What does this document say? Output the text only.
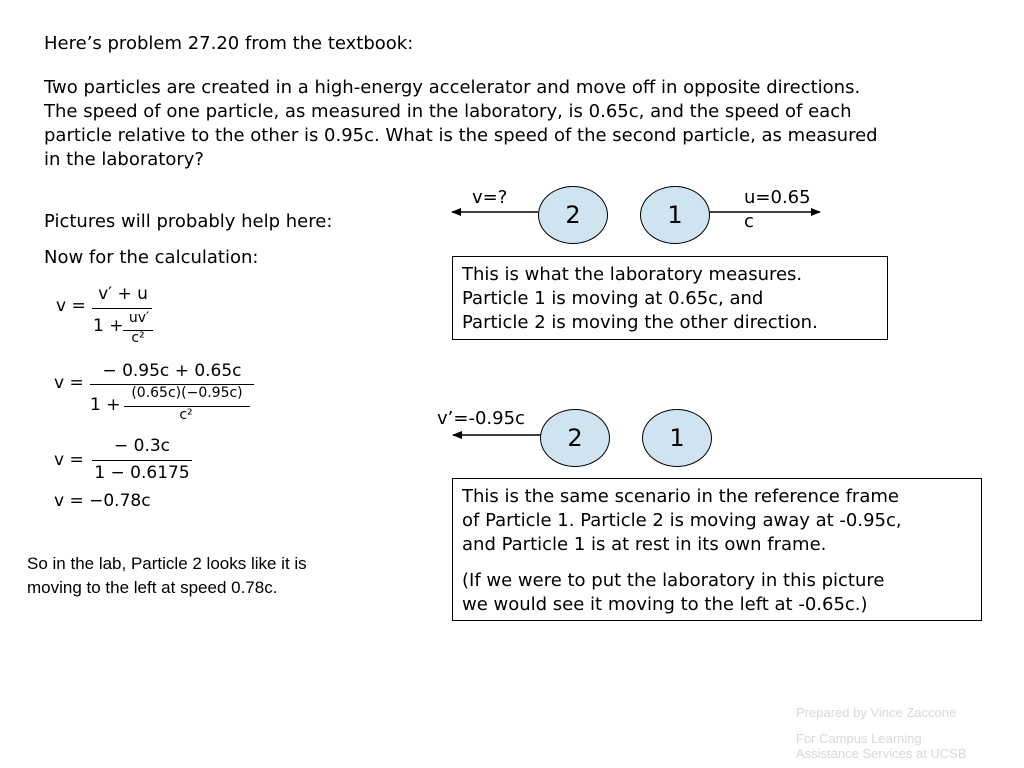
Here’s problem 27.20 from the textbook:

Two particles are created in a high-energy accelerator and move off in opposite directions.

The speed of one particle, as measured in the laboratory, is 0.65c, and the speed of each

particle relative to the other is 0.95c. What is the speed of the second particle, as measured

in the laboratory?

Pictures will probably help here:
Now for the calculation:
v =
v′ + u
1 + uv′
c²
v =
− 0.95c + 0.65c
1 +
(0.65c)(−0.95c)
c²
v =
− 0.3c
1 − 0.6175
v = −0.78c
So in the lab, Particle 2 looks like it is
moving to the left at speed 0.78c.
v=?
2	1
u=0.65
c

This is what the laboratory measures.

Particle 1 is moving at 0.65c, and

Particle 2 is moving the other direction.

v’=-0.95c
2	1

This is the same scenario in the reference frame

of Particle 1. Particle 2 is moving away at -0.95c,

and Particle 1 is at rest in its own frame.

(If we were to put the laboratory in this picture

we would see it moving to the left at -0.65c.)

Prepared by Vince Zaccone
For Campus Learning
Assistance Services at UCSB
